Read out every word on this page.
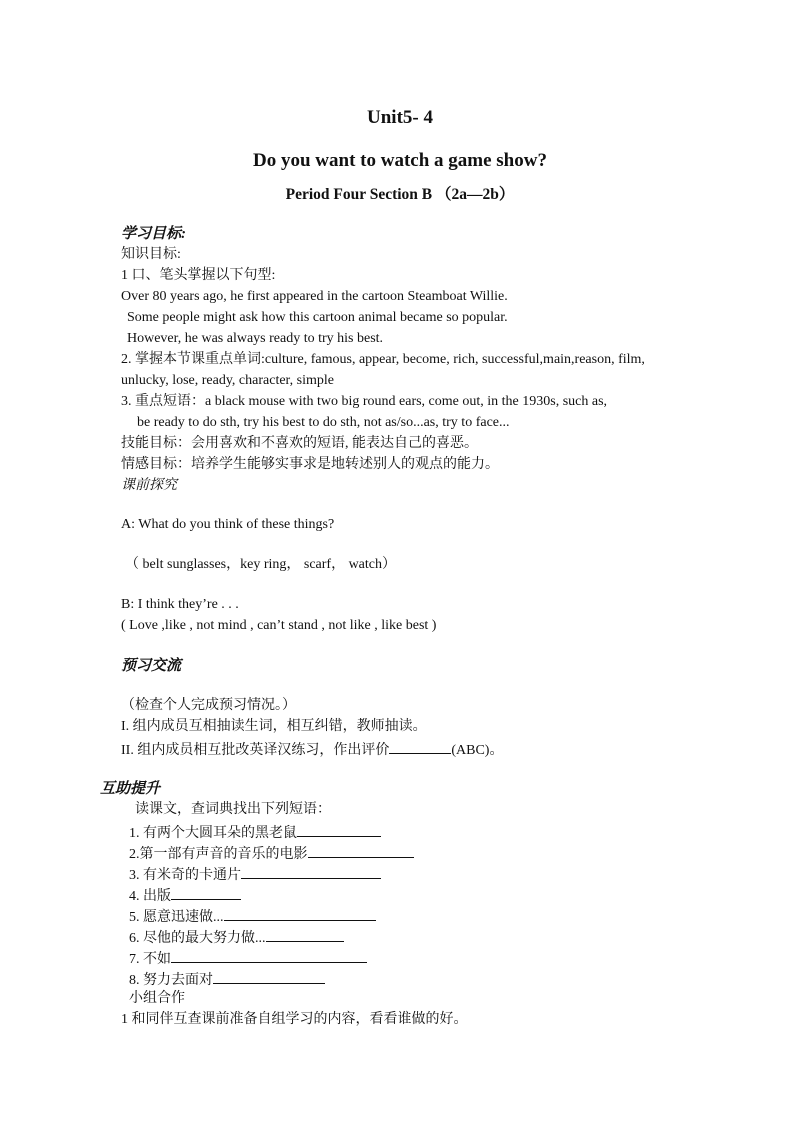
Unit5- 4
Do you want to watch a game show?
Period Four Section B （2a—2b）
学习目标:
知识目标:
1 口、笔头掌握以下句型:
Over 80 years ago, he first appeared in the cartoon Steamboat Willie.
Some people might ask how this cartoon animal became so popular.
However, he was always ready to try his best.
2. 掌握本节课重点单词:culture, famous, appear, become, rich, successful,main,reason, film,
unlucky, lose, ready, character, simple
3. 重点短语：a black mouse with two big round ears, come out, in the 1930s, such as,
be ready to do sth, try his best to do sth, not as/so...as, try to face...
技能目标：会用喜欢和不喜欢的短语, 能表达自己的喜恶。
情感目标：培养学生能够实事求是地转述别人的观点的能力。
课前探究
A: What do you think of these things?
（ belt sunglasses，key ring， scarf， watch）
B: I think they’re . . .
( Love ,like , not mind , can’t stand , not like , like best )
预习交流
（检查个人完成预习情况。）
I. 组内成员互相抽读生词，相互纠错，教师抽读。
II. 组内成员相互批改英译汉练习，作出评价	(ABC)。
互助提升
读课文，查词典找出下列短语：
1. 有两个大圆耳朵的黑老鼠
2.第一部有声音的音乐的电影
3. 有米奇的卡通片
4. 出版
5. 愿意迅速做...
6. 尽他的最大努力做...
7. 不如
8. 努力去面对
小组合作
1 和同伴互查课前准备自组学习的内容，看看谁做的好。
